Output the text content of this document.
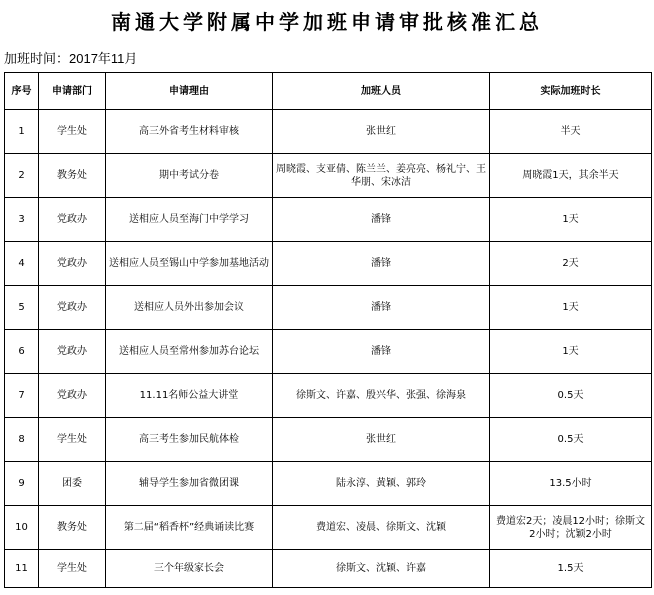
南通大学附属中学加班申请审批核准汇总
加班时间：2017年11月
序号	申请部门	申请理由	加班人员	实际加班时长
1	学生处	高三外省考生材料审核	张世红	半天
2	教务处	期中考试分卷	周晓霞、支亚倩、陈兰兰、姜亮亮、杨礼宁、王华朋、宋冰洁	周晓霞1天，其余半天
3	党政办	送相应人员至海门中学学习	潘锋	1天
4	党政办	送相应人员至锡山中学参加基地活动	潘锋	2天
5	党政办	送相应人员外出参加会议	潘锋	1天
6	党政办	送相应人员至常州参加苏台论坛	潘锋	1天
7	党政办	11.11名师公益大讲堂	徐斯文、许嘉、殷兴华、张强、徐海泉	0.5天
8	学生处	高三考生参加民航体检	张世红	0.5天
9	团委	辅导学生参加省微团课	陆永淳、黄颖、郭玲	13.5小时
10	教务处	第二届“稻香杯”经典诵读比赛	费道宏、凌晨、徐斯文、沈颖	费道宏2天；凌晨12小时；徐斯文2小时；沈颖2小时
11	学生处	三个年级家长会	徐斯文、沈颖、许嘉	1.5天
